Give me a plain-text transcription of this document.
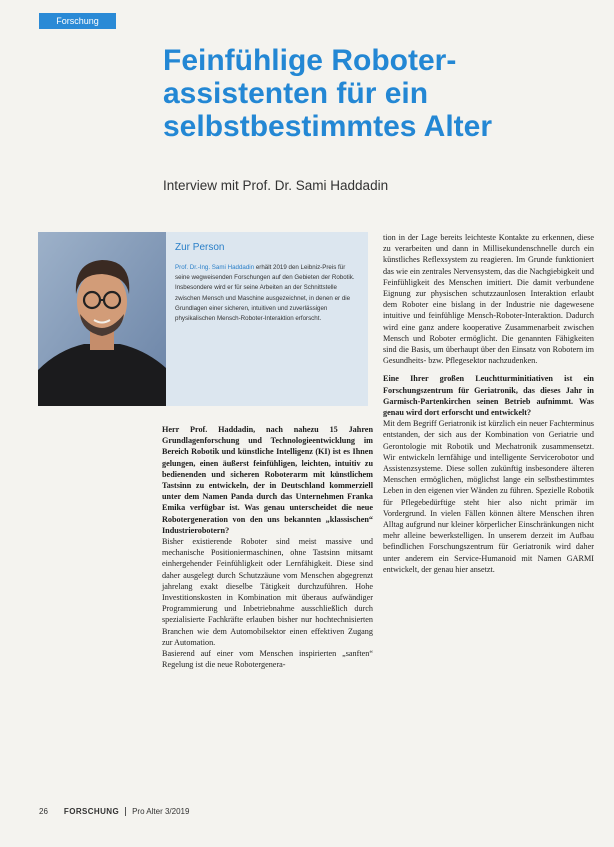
Forschung
Feinfühlige Roboter-
assistenten für ein
selbstbestimmtes Alter
Interview mit Prof. Dr. Sami Haddadin
Zur Person
Prof. Dr.-Ing. Sami Haddadin erhält 2019 den Leibniz-Preis für seine wegweisenden Forschungen auf den Gebieten der Robotik. Insbesondere wird er für seine Arbeiten an der Schnittstelle zwischen Mensch und Maschine ausgezeichnet, in denen er die Grundlagen einer sicheren, intuitiven und zuverlässigen physikalischen Mensch-Roboter-Interaktion erforscht.

Herr Prof. Haddadin, nach nahezu 15 Jahren Grundlagenforschung und Technologieentwicklung im Bereich Robotik und künstliche Intelligenz (KI) ist es Ihnen gelungen, einen äußerst feinfühligen, leichten, intuitiv zu bedienenden und sicheren Roboterarm mit künstlichem Tastsinn zu entwickeln, der in Deutschland kommerziell unter dem Namen Panda durch das Unternehmen Franka Emika verfügbar ist. Was genau unterscheidet die neue Robotergeneration von den uns bekannten „klassischen“ Industrierobotern?

Bisher existierende Roboter sind meist massive und mechanische Positioniermaschinen, ohne Tastsinn mitsamt einhergehender Feinfühligkeit oder Lernfähigkeit. Diese sind daher ausgelegt durch Schutzzäune vom Menschen abgegrenzt jahrelang exakt dieselbe Tätigkeit durchzuführen. Hohe Investitionskosten in Kombination mit überaus aufwändiger Programmierung und Inbetriebnahme ausschließlich durch spezialisierte Fachkräfte erlauben bisher nur hochtechnisierten Branchen wie dem Automobilsektor einen effektiven Zugang zur Automation.

Basierend auf einer vom Menschen inspirierten „sanften“ Regelung ist die neue Robotergenera-

tion in der Lage bereits leichteste Kontakte zu erkennen, diese zu verarbeiten und dann in Millisekundenschnelle durch ein künstliches Reflexsystem zu reagieren. Im Grunde funktioniert das wie ein zentrales Nervensystem, das die Nachgiebigkeit und Feinfühligkeit des Menschen imitiert. Die damit verbundene Eignung zur physischen schutzzaunlosen Interaktion erlaubt dem Roboter eine bislang in der Industrie nie dagewesene intuitive und feinfühlige Mensch-Roboter-Interaktion. Dadurch wird eine ganz andere kooperative Zusammenarbeit zwischen Mensch und Roboter ermöglicht. Die genannten Fähigkeiten sind die Basis, um überhaupt über den Einsatz von Robotern im Gesundheits- bzw. Pflegesektor nachzudenken.

Eine Ihrer großen Leuchtturminitiativen ist ein Forschungszentrum für Geriatronik, das dieses Jahr in Garmisch-Partenkirchen seinen Betrieb aufnimmt. Was genau wird dort erforscht und entwickelt?

Mit dem Begriff Geriatronik ist kürzlich ein neuer Fachterminus entstanden, der sich aus der Kombination von Geriatrie und Gerontologie mit Robotik und Mechatronik zusammensetzt. Wir entwickeln lernfähige und intelligente Servicerobotor und Assistenzsysteme. Diese sollen zukünftig insbesondere älteren Menschen ermöglichen, möglichst lange ein selbstbestimmtes Leben in den eigenen vier Wänden zu führen. Spezielle Robotik für Pflegebedürftige steht hier also nicht primär im Vordergrund. In vielen Fällen können ältere Menschen ihren Alltag aufgrund nur kleiner körperlicher Einschränkungen nicht mehr alleine bewerkstelligen. In unserem derzeit im Aufbau befindlichen Forschungszentrum für Geriatronik wird daher unter anderem ein Service-Humanoid mit Namen GARMI entwickelt, der genau hier ansetzt.

26 FORSCHUNG Pro Alter 3/2019
